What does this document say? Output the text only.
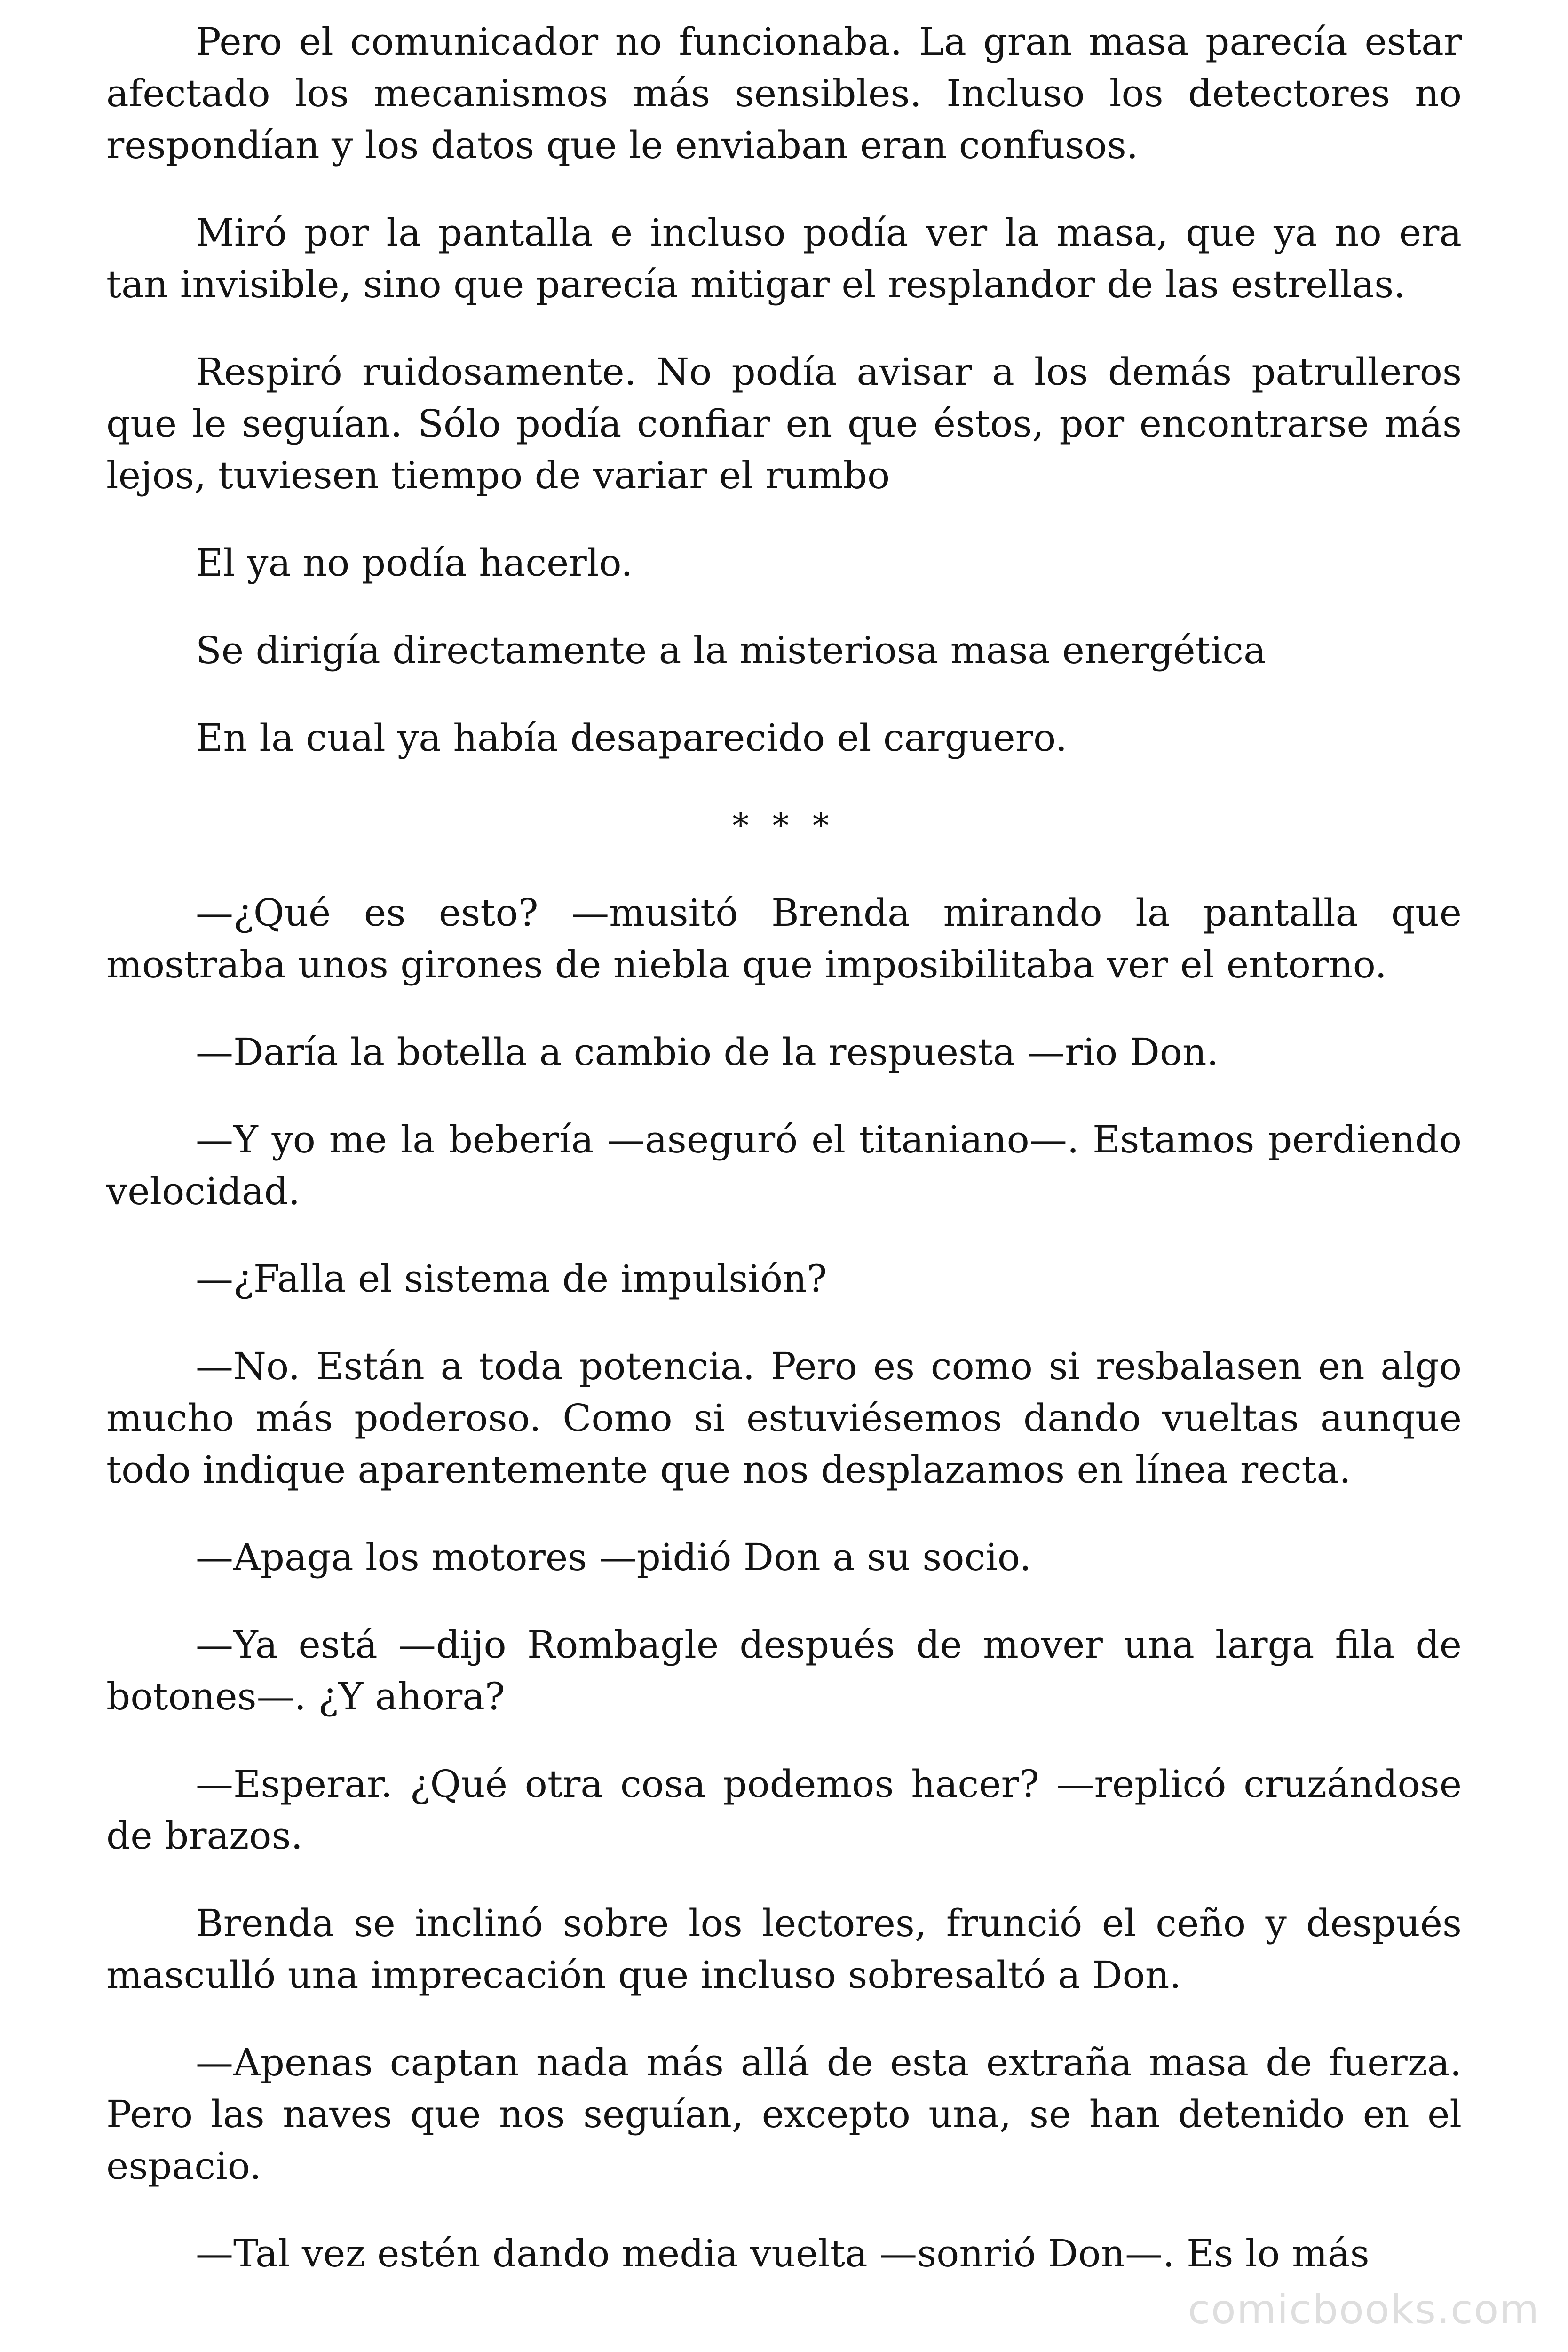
Pero el comunicador no funcionaba. La gran masa parecía estar afectado los mecanismos más sensibles. Incluso los detectores no respondían y los datos que le enviaban eran confusos.

Miró por la pantalla e incluso podía ver la masa, que ya no era tan invisible, sino que parecía mitigar el resplandor de las estrellas.

Respiró ruidosamente. No podía avisar a los demás patrulleros que le seguían. Sólo podía confiar en que éstos, por encontrarse más lejos, tuviesen tiempo de variar el rumbo

El ya no podía hacerlo.

Se dirigía directamente a la misteriosa masa energética

En la cual ya había desaparecido el carguero.

* * *

—¿Qué es esto? —musitó Brenda mirando la pantalla que mostraba unos girones de niebla que imposibilitaba ver el entorno.

—Daría la botella a cambio de la respuesta —rio Don.

—Y yo me la bebería —aseguró el titaniano—. Estamos perdiendo velocidad.

—¿Falla el sistema de impulsión?

—No. Están a toda potencia. Pero es como si resbalasen en algo mucho más poderoso. Como si estuviésemos dando vueltas aunque todo indique aparentemente que nos desplazamos en línea recta.

—Apaga los motores —pidió Don a su socio.

—Ya está —dijo Rombagle después de mover una larga fila de botones—. ¿Y ahora?

—Esperar. ¿Qué otra cosa podemos hacer? —replicó cruzándose de brazos.

Brenda se inclinó sobre los lectores, frunció el ceño y después masculló una imprecación que incluso sobresaltó a Don.

—Apenas captan nada más allá de esta extraña masa de fuerza. Pero las naves que nos seguían, excepto una, se han detenido en el espacio.

—Tal vez estén dando media vuelta —sonrió Don—. Es lo más

comicbooks.com
